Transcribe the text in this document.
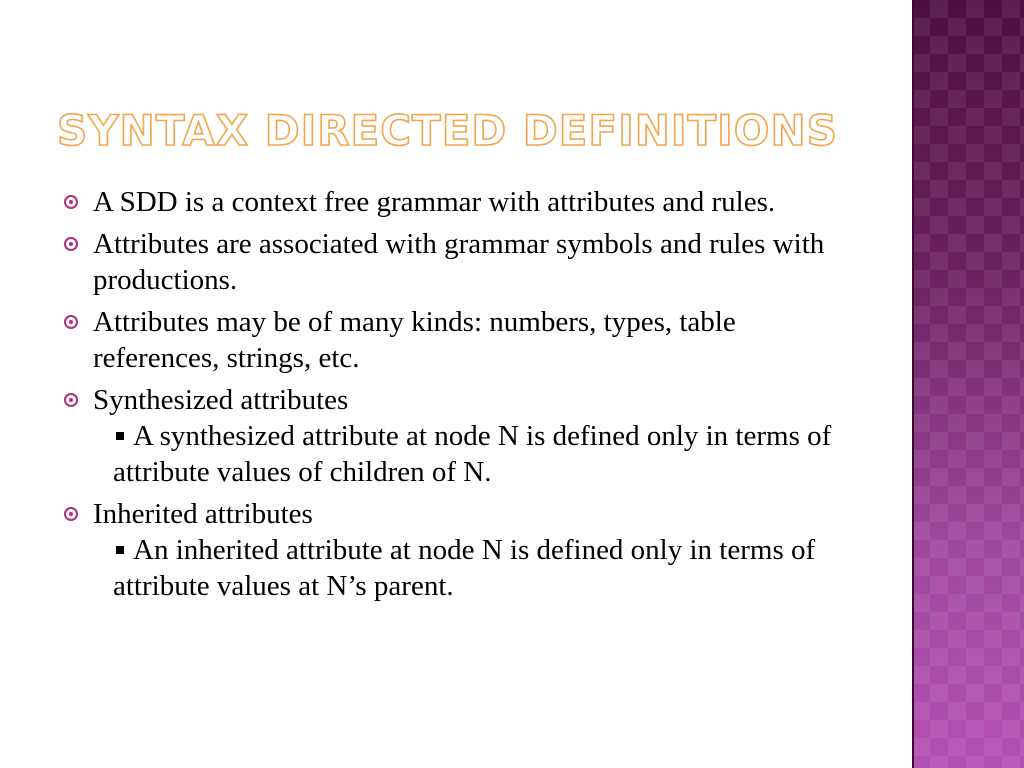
SYNTAX DIRECTED DEFINITIONS
A SDD is a context free grammar with attributes and rules.
Attributes are associated with grammar symbols and rules with productions.
Attributes may be of many kinds: numbers, types, table references, strings, etc.
Synthesized attributes
A synthesized attribute at node N is defined only in terms of attribute values of children of N.
Inherited attributes
An inherited attribute at node N is defined only in terms of attribute values at N’s parent.
